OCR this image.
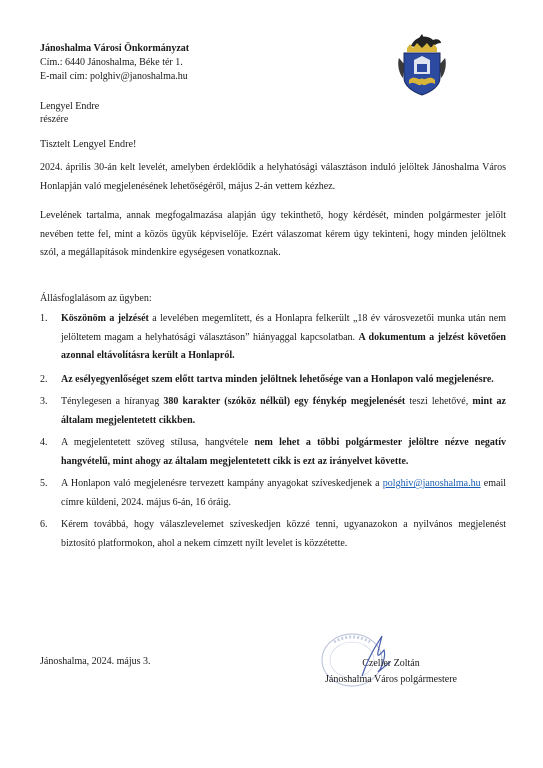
Jánoshalma Városi Önkormányzat
Cím.: 6440 Jánoshalma, Béke tér 1.
E-mail cím: polghiv@janoshalma.hu
Lengyel Endre
részére
Tisztelt Lengyel Endre!
2024. április 30-án kelt levelét, amelyben érdeklődik a helyhatósági választáson induló jelöltek Jánoshalma Város Honlapján való megjelenésének lehetőségéről, május 2-án vettem kézhez.
Levelének tartalma, annak megfogalmazása alapján úgy tekinthető, hogy kérdését, minden polgármester jelölt nevében tette fel, mint a közös ügyük képviselője. Ezért válaszomat kérem úgy tekinteni, hogy minden jelöltnek szól, a megállapítások mindenkire egységesen vonatkoznak.
Állásfoglalásom az ügyben:
1. Köszönöm a jelzését a levelében megemlített, és a Honlapra felkerült „18 év városvezetői munka után nem jelöltetem magam a helyhatósági választáson” hiányaggal kapcsolatban. A dokumentum a jelzést követően azonnal eltávolításra került a Honlapról.
2. Az esélyegyenlőséget szem előtt tartva minden jelöltnek lehetősége van a Honlapon való megjelenésre.
3. Ténylegesen a híranyag 380 karakter (szóköz nélkül) egy fénykép megjelenését teszi lehetővé, mint az általam megjelentetett cikkben.
4. A megjelentetett szöveg stílusa, hangvétele nem lehet a többi polgármester jelöltre nézve negatív hangvételű, mint ahogy az általam megjelentetett cikk is ezt az irányelvet követte.
5. A Honlapon való megjelenésre tervezett kampány anyagokat szíveskedjenek a polghiv@janoshalma.hu email címre küldeni, 2024. május 6-án, 16 óráig.
6. Kérem továbbá, hogy válaszlevelemet szíveskedjen közzé tenni, ugyanazokon a nyilvános megjelenést biztosító platformokon, ahol a nekem címzett nyílt levelet is közzétette.
Jánoshalma, 2024. május 3.	Czeller Zoltán
Jánoshalma Város polgármestere
